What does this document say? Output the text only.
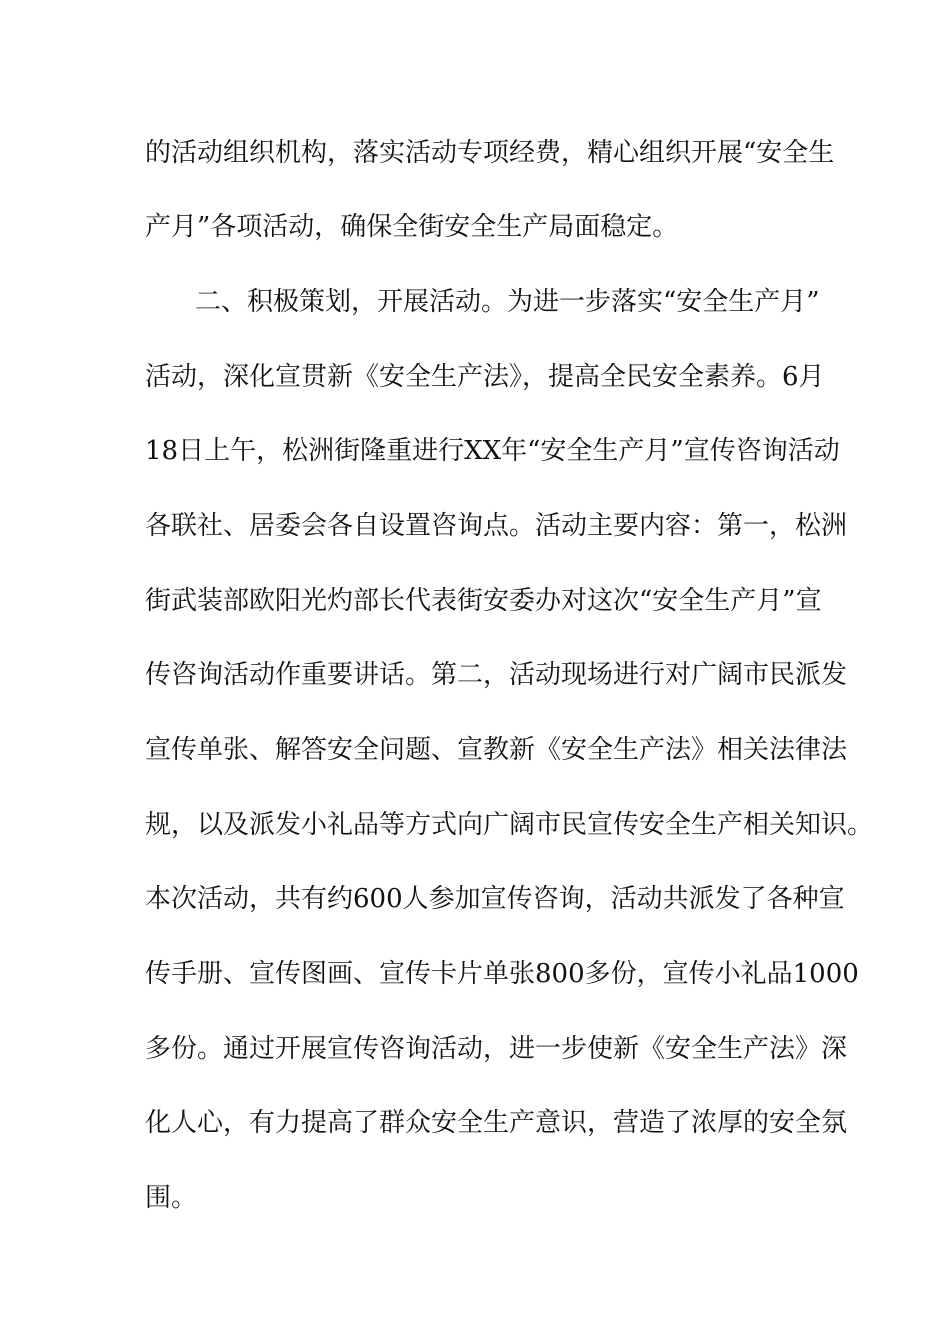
的活动组织机构，落实活动专项经费，精心组织开展“安全生
产月”各项活动，确保全街安全生产局面稳定。
二、积极策划，开展活动。为进一步落实“安全生产月”
活动，深化宣贯新《安全生产法》，提高全民安全素养。6月
18日上午，松洲街隆重进行XX年“安全生产月”宣传咨询活动
各联社、居委会各自设置咨询点。活动主要内容：第一，松洲
街武装部欧阳光灼部长代表街安委办对这次“安全生产月”宣
传咨询活动作重要讲话。第二，活动现场进行对广阔市民派发
宣传单张、解答安全问题、宣教新《安全生产法》相关法律法
规，以及派发小礼品等方式向广阔市民宣传安全生产相关知识。
本次活动，共有约600人参加宣传咨询，活动共派发了各种宣
传手册、宣传图画、宣传卡片单张800多份，宣传小礼品1000
多份。通过开展宣传咨询活动，进一步使新《安全生产法》深
化人心，有力提高了群众安全生产意识，营造了浓厚的安全氛
围。
